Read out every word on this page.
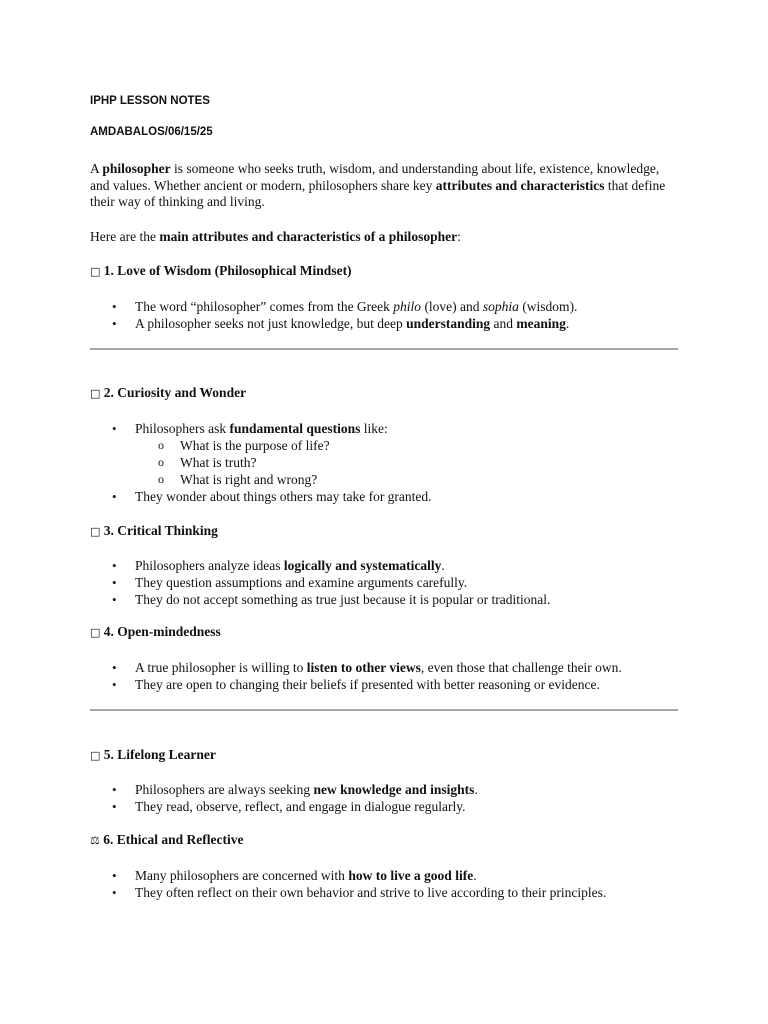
IPHP LESSON NOTES

AMDABALOS/06/15/25

A philosopher is someone who seeks truth, wisdom, and understanding about life, existence, knowledge, and values. Whether ancient or modern, philosophers share key attributes and characteristics that define their way of thinking and living.

Here are the main attributes and characteristics of a philosopher:

□ 1. Love of Wisdom (Philosophical Mindset)

• The word “philosopher” comes from the Greek philo (love) and sophia (wisdom).
• A philosopher seeks not just knowledge, but deep understanding and meaning.

□ 2. Curiosity and Wonder

• Philosophers ask fundamental questions like:
o What is the purpose of life?
o What is truth?
o What is right and wrong?
• They wonder about things others may take for granted.

□ 3. Critical Thinking

• Philosophers analyze ideas logically and systematically.
• They question assumptions and examine arguments carefully.
• They do not accept something as true just because it is popular or traditional.

□ 4. Open-mindedness

• A true philosopher is willing to listen to other views, even those that challenge their own.
• They are open to changing their beliefs if presented with better reasoning or evidence.

□ 5. Lifelong Learner

• Philosophers are always seeking new knowledge and insights.
• They read, observe, reflect, and engage in dialogue regularly.

⚖ 6. Ethical and Reflective

• Many philosophers are concerned with how to live a good life.
• They often reflect on their own behavior and strive to live according to their principles.
